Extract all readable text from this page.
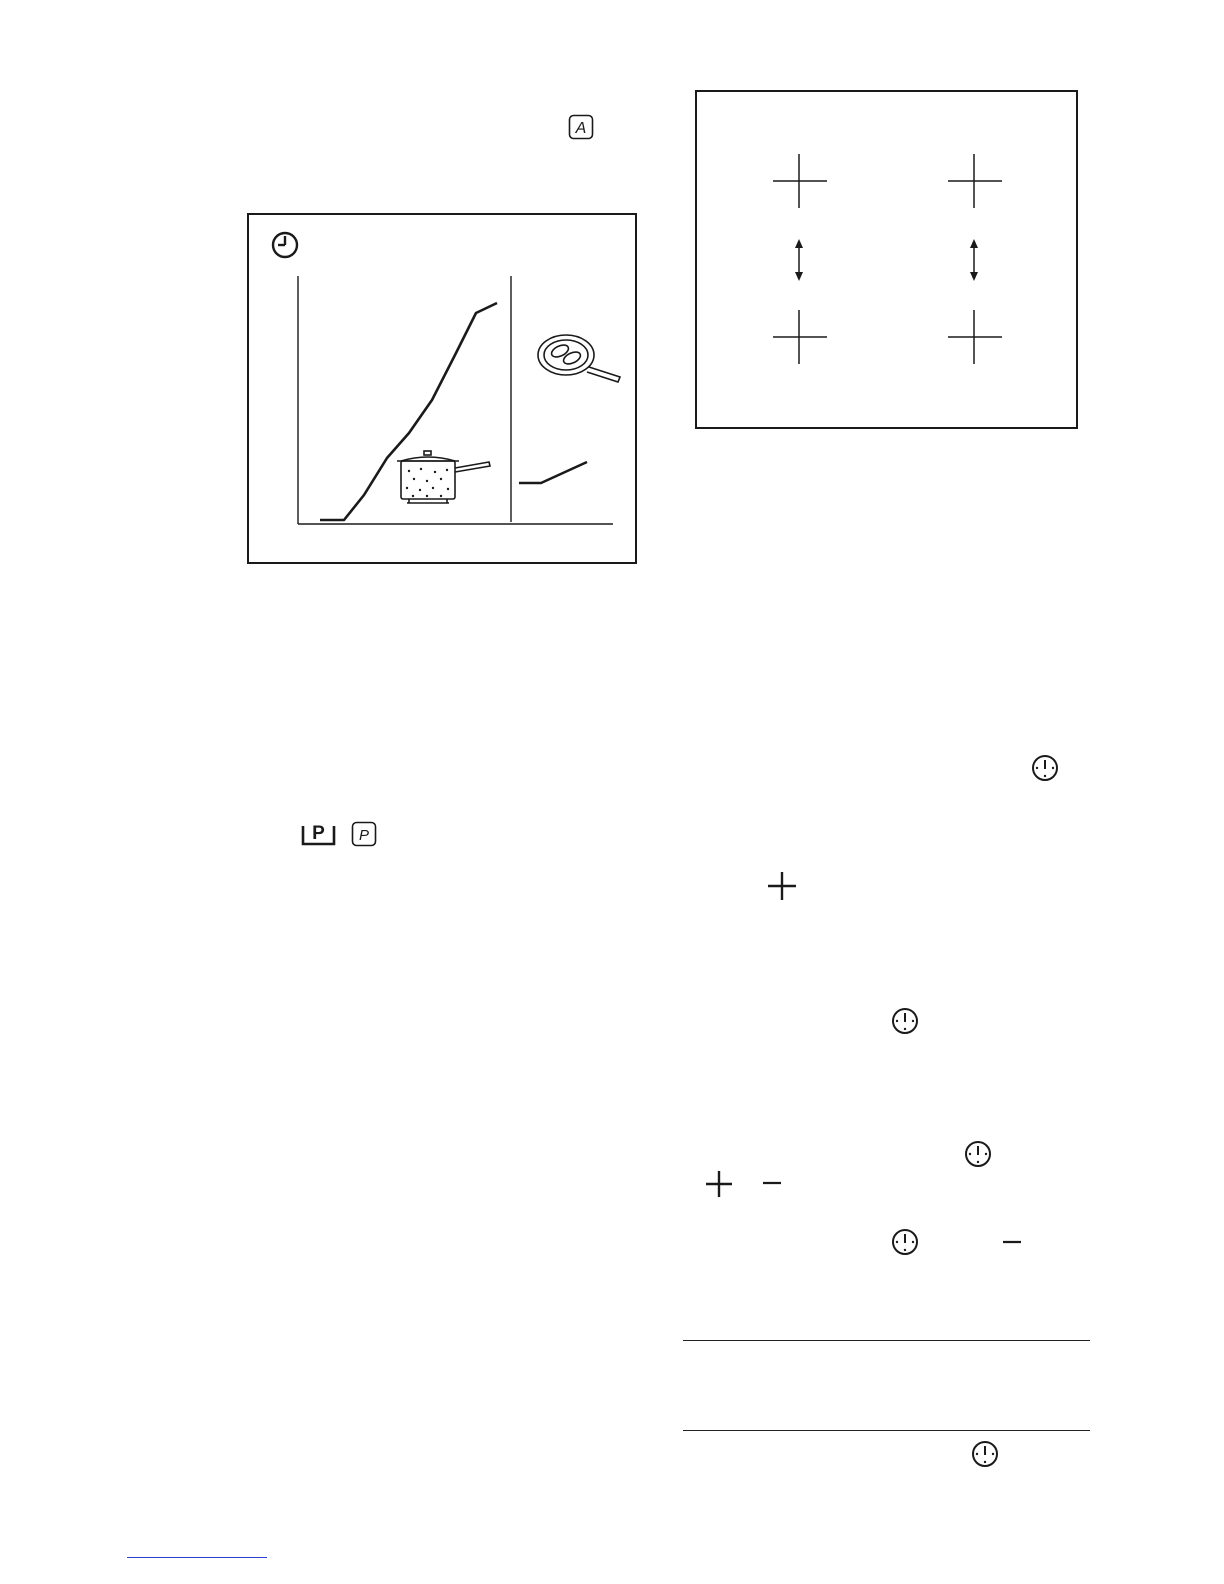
A
P P
